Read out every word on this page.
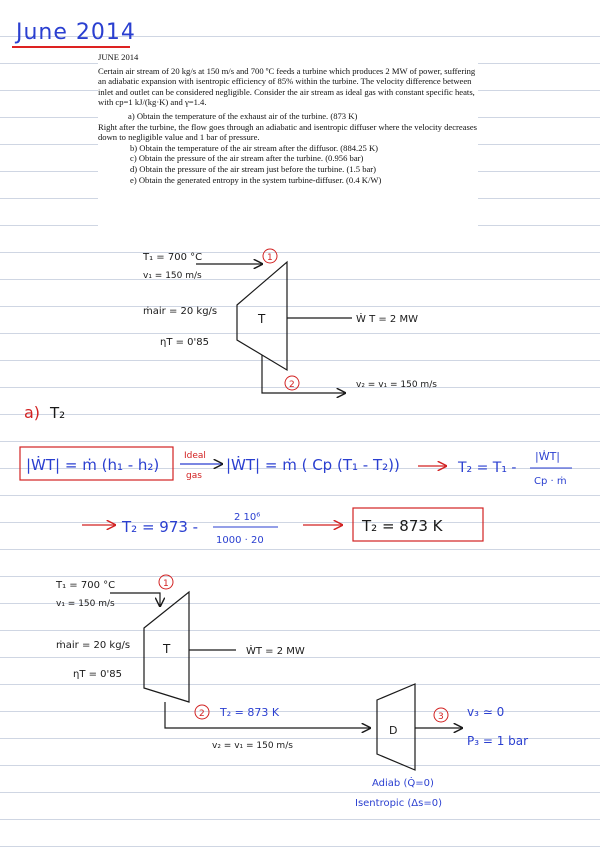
June 2014

JUNE 2014

Certain air stream of 20 kg/s at 150 m/s and 700 ºC feeds a turbine which produces 2 MW of power, suffering an adiabatic expansion with isentropic efficiency of 85% within the turbine. The velocity difference between inlet and outlet can be considered negligible. Consider the air stream as ideal gas with constant specific heats, with cp=1 kJ/(kg·K) and γ=1.4.

a) Obtain the temperature of the exhaust air of the turbine. (873 K)

Right after the turbine, the flow goes through an adiabatic and isentropic diffuser where the velocity decreases down to negligible value and 1 bar of pressure.

b) Obtain the temperature of the air stream after the diffusor. (884.25 K)

c) Obtain the pressure of the air stream after the turbine. (0.956 bar)

d) Obtain the pressure of the air stream just before the turbine. (1.5 bar)

e) Obtain the generated entropy in the system turbine-diffuser. (0.4 K/W)

T₁ = 700 °C
v₁ = 150 m/s
1
T
ṁair = 20 kg/s
ηT = 0'85
Ẇ T = 2 MW
2	v₂ = v₁ = 150 m/s
a) T₂
|ẆT| = ṁ (h₁ - h₂)	Ideal
gas
|ẆT| = ṁ ( Cp (T₁ - T₂))	T₂ = T₁ -
|ẆT|
Cp · ṁ
T₂ = 973 -
2 10⁶
1000 · 20
T₂ = 873 K
T₁ = 700 °C
v₁ = 150 m/s
1
T
ṁair = 20 kg/s
ηT = 0'85
ẆT = 2 MW
2 T₂ = 873 K
v₂ = v₁ = 150 m/s
D
3 v₃ ≃ 0
P₃ = 1 bar
Adiab (Q̇=0)
Isentropic (Δs=0)
